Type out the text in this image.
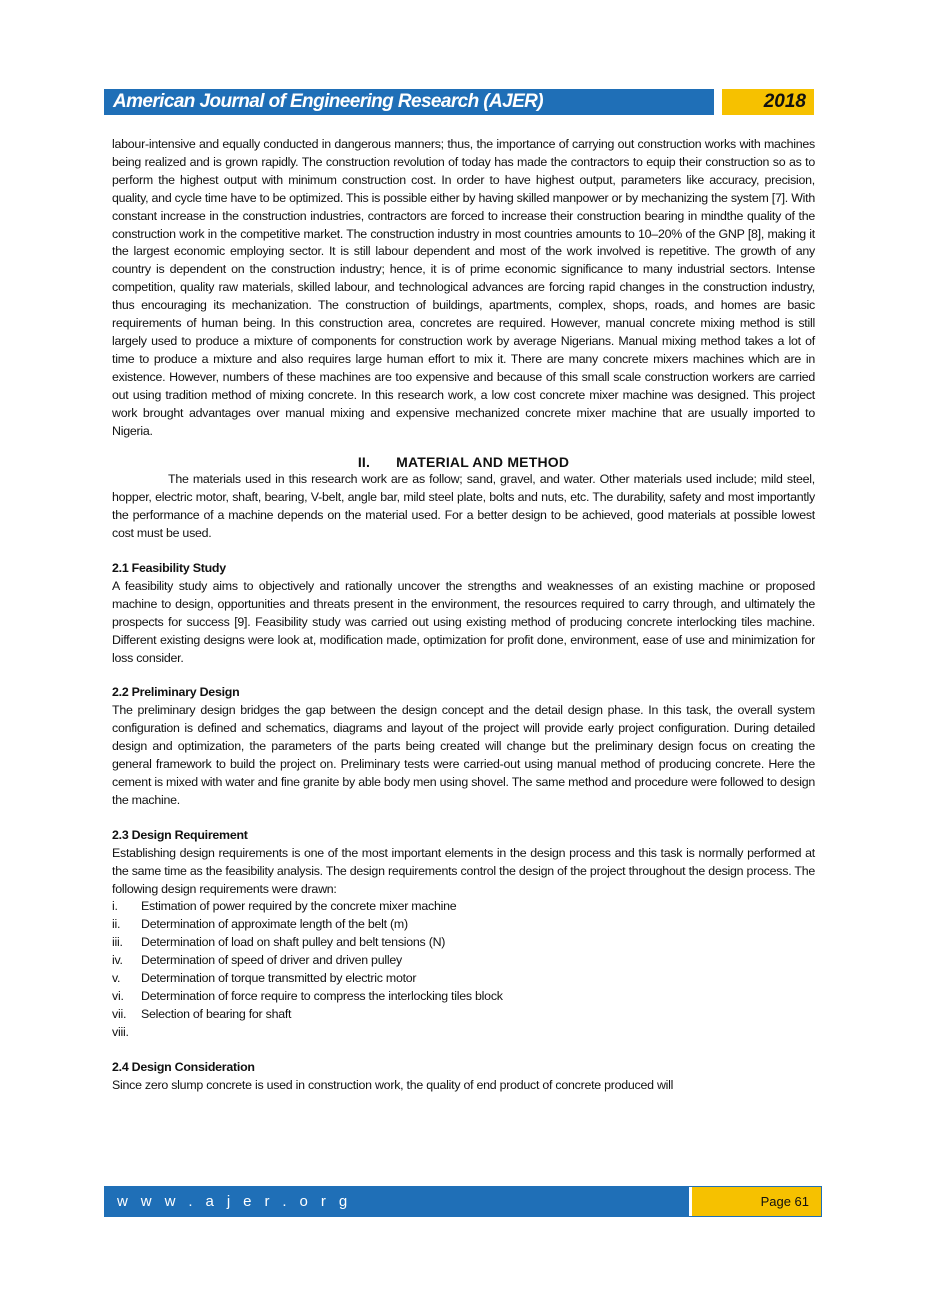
American Journal of Engineering Research (AJER)	2018

labour-intensive and equally conducted in dangerous manners; thus, the importance of carrying out construction works with machines being realized and is grown rapidly. The construction revolution of today has made the contractors to equip their construction so as to perform the highest output with minimum construction cost. In order to have highest output, parameters like accuracy, precision, quality, and cycle time have to be optimized. This is possible either by having skilled manpower or by mechanizing the system [7]. With constant increase in the construction industries, contractors are forced to increase their construction bearing in mindthe quality of the construction work in the competitive market. The construction industry in most countries amounts to 10–20% of the GNP [8], making it the largest economic employing sector. It is still labour dependent and most of the work involved is repetitive. The growth of any country is dependent on the construction industry; hence, it is of prime economic significance to many industrial sectors. Intense competition, quality raw materials, skilled labour, and technological advances are forcing rapid changes in the construction industry, thus encouraging its mechanization. The construction of buildings, apartments, complex, shops, roads, and homes are basic requirements of human being. In this construction area, concretes are required. However, manual concrete mixing method is still largely used to produce a mixture of components for construction work by average Nigerians. Manual mixing method takes a lot of time to produce a mixture and also requires large human effort to mix it. There are many concrete mixers machines which are in existence. However, numbers of these machines are too expensive and because of this small scale construction workers are carried out using tradition method of mixing concrete. In this research work, a low cost concrete mixer machine was designed. This project work brought advantages over manual mixing and expensive mechanized concrete mixer machine that are usually imported to Nigeria.

II. MATERIAL AND METHOD

The materials used in this research work are as follow; sand, gravel, and water. Other materials used include; mild steel, hopper, electric motor, shaft, bearing, V-belt, angle bar, mild steel plate, bolts and nuts, etc. The durability, safety and most importantly the performance of a machine depends on the material used. For a better design to be achieved, good materials at possible lowest cost must be used.

2.1 Feasibility Study

A feasibility study aims to objectively and rationally uncover the strengths and weaknesses of an existing machine or proposed machine to design, opportunities and threats present in the environment, the resources required to carry through, and ultimately the prospects for success [9]. Feasibility study was carried out using existing method of producing concrete interlocking tiles machine. Different existing designs were look at, modification made, optimization for profit done, environment, ease of use and minimization for loss consider.

2.2 Preliminary Design

The preliminary design bridges the gap between the design concept and the detail design phase. In this task, the overall system configuration is defined and schematics, diagrams and layout of the project will provide early project configuration. During detailed design and optimization, the parameters of the parts being created will change but the preliminary design focus on creating the general framework to build the project on. Preliminary tests were carried-out using manual method of producing concrete. Here the cement is mixed with water and fine granite by able body men using shovel. The same method and procedure were followed to design the machine.

2.3 Design Requirement

Establishing design requirements is one of the most important elements in the design process and this task is normally performed at the same time as the feasibility analysis. The design requirements control the design of the project throughout the design process. The following design requirements were drawn:

i.	Estimation of power required by the concrete mixer machine
ii.	Determination of approximate length of the belt (m)
iii.	Determination of load on shaft pulley and belt tensions (N)
iv.	Determination of speed of driver and driven pulley
v.	Determination of torque transmitted by electric motor
vi.	Determination of force require to compress the interlocking tiles block
vii.	Selection of bearing for shaft
viii.
2.4 Design Consideration

Since zero slump concrete is used in construction work, the quality of end product of concrete produced will

w w w . a j e r . o r g	Page 61
